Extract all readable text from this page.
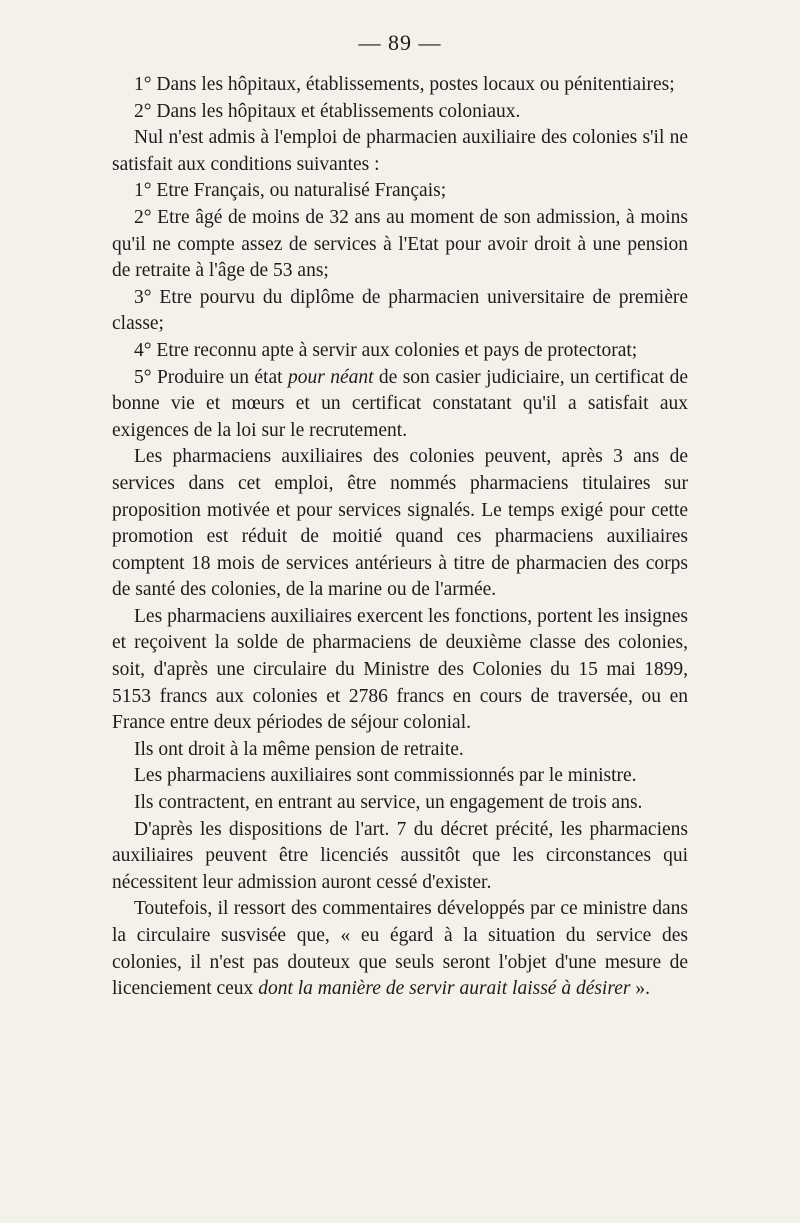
— 89 —

1° Dans les hôpitaux, établissements, postes locaux ou pénitentiaires;

2° Dans les hôpitaux et établissements coloniaux.

Nul n'est admis à l'emploi de pharmacien auxiliaire des colonies s'il ne satisfait aux conditions suivantes :

1° Etre Français, ou naturalisé Français;

2° Etre âgé de moins de 32 ans au moment de son admission, à moins qu'il ne compte assez de services à l'Etat pour avoir droit à une pension de retraite à l'âge de 53 ans;

3° Etre pourvu du diplôme de pharmacien universitaire de première classe;

4° Etre reconnu apte à servir aux colonies et pays de protectorat;

5° Produire un état pour néant de son casier judiciaire, un certificat de bonne vie et mœurs et un certificat constatant qu'il a satisfait aux exigences de la loi sur le recrutement.

Les pharmaciens auxiliaires des colonies peuvent, après 3 ans de services dans cet emploi, être nommés pharmaciens titulaires sur proposition motivée et pour services signalés. Le temps exigé pour cette promotion est réduit de moitié quand ces pharmaciens auxiliaires comptent 18 mois de services antérieurs à titre de pharmacien des corps de santé des colonies, de la marine ou de l'armée.

Les pharmaciens auxiliaires exercent les fonctions, portent les insignes et reçoivent la solde de pharmaciens de deuxième classe des colonies, soit, d'après une circulaire du Ministre des Colonies du 15 mai 1899, 5153 francs aux colonies et 2786 francs en cours de traversée, ou en France entre deux périodes de séjour colonial.

Ils ont droit à la même pension de retraite.

Les pharmaciens auxiliaires sont commissionnés par le ministre.

Ils contractent, en entrant au service, un engagement de trois ans.

D'après les dispositions de l'art. 7 du décret précité, les pharmaciens auxiliaires peuvent être licenciés aussitôt que les circonstances qui nécessitent leur admission auront cessé d'exister.

Toutefois, il ressort des commentaires développés par ce ministre dans la circulaire susvisée que, « eu égard à la situation du service des colonies, il n'est pas douteux que seuls seront l'objet d'une mesure de licenciement ceux dont la manière de servir aurait laissé à désirer ».
